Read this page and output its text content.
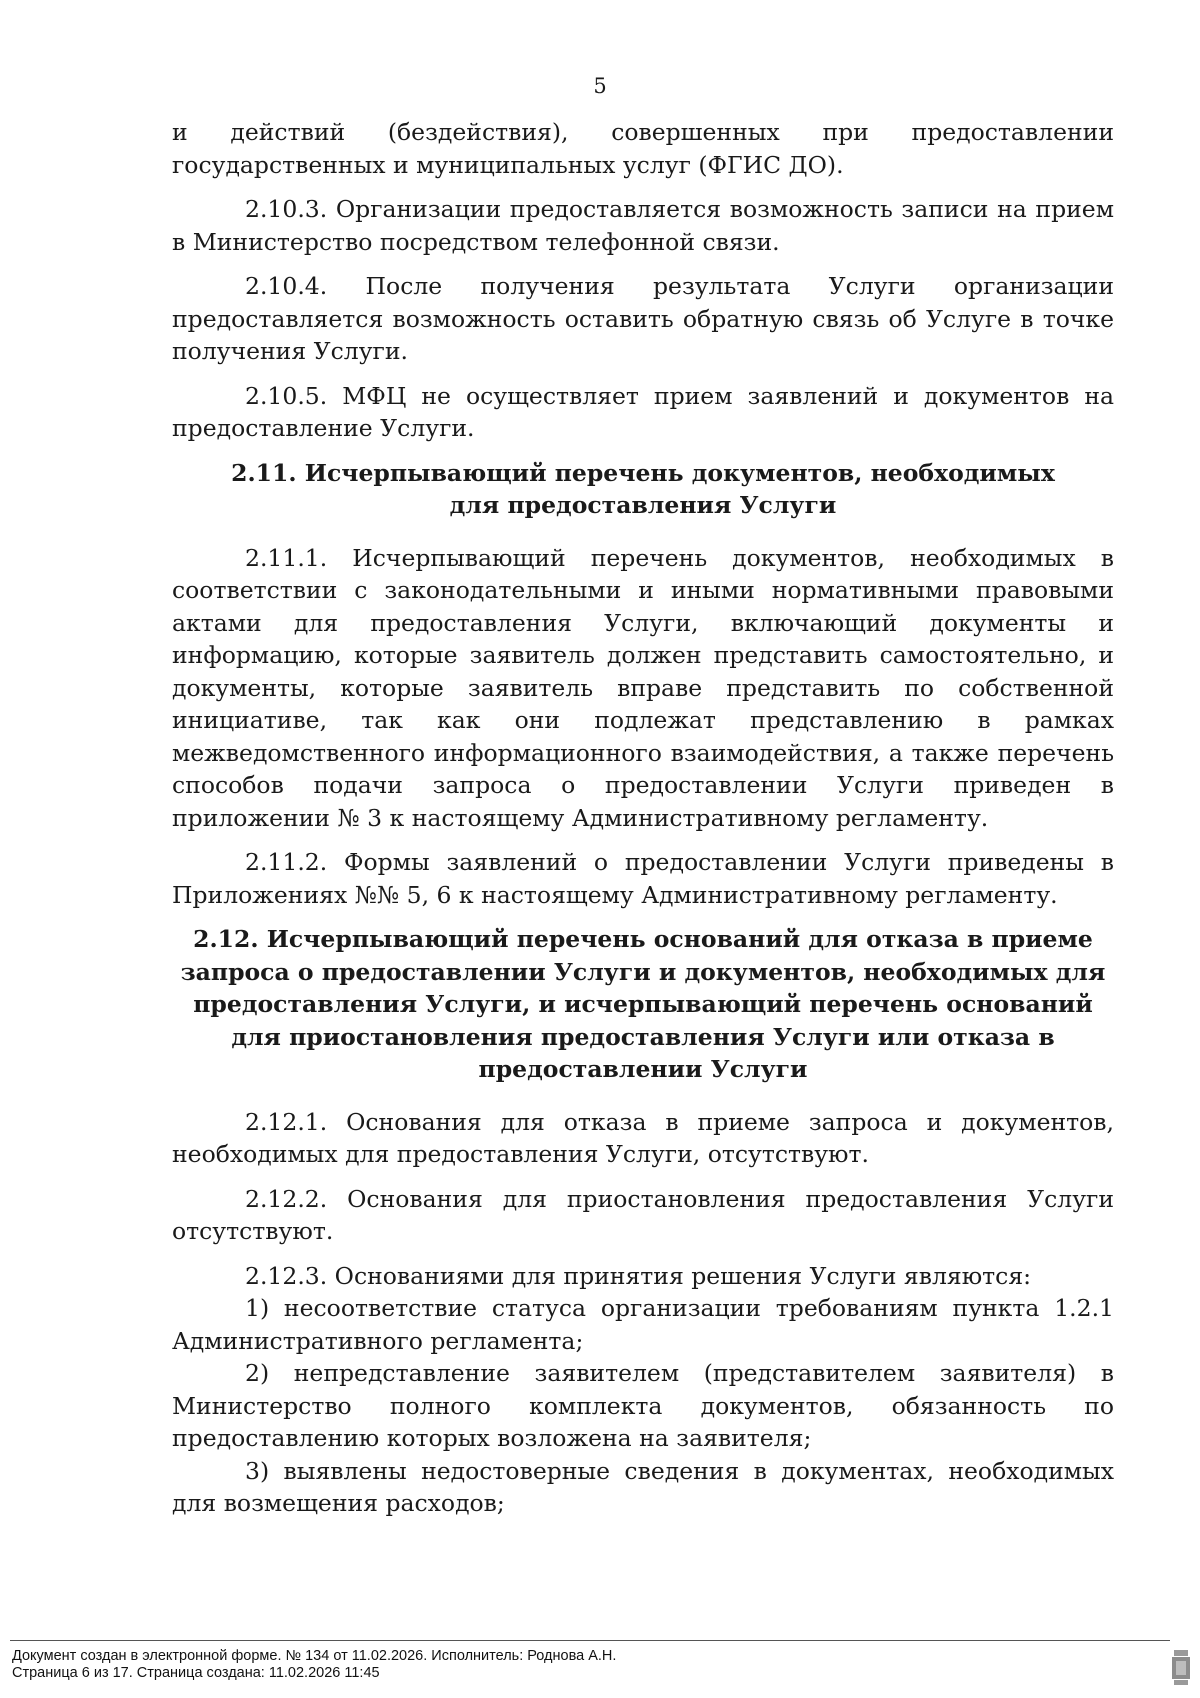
5

и действий (бездействия), совершенных при предоставлении государственных и муниципальных услуг (ФГИС ДО).

2.10.3. Организации предоставляется возможность записи на прием в Министерство посредством телефонной связи.

2.10.4. После получения результата Услуги организации предоставляется возможность оставить обратную связь об Услуге в точке получения Услуги.

2.10.5. МФЦ не осуществляет прием заявлений и документов на предоставление Услуги.

2.11. Исчерпывающий перечень документов, необходимых для предоставления Услуги

2.11.1. Исчерпывающий перечень документов, необходимых в соответствии с законодательными и иными нормативными правовыми актами для предоставления Услуги, включающий документы и информацию, которые заявитель должен представить самостоятельно, и документы, которые заявитель вправе представить по собственной инициативе, так как они подлежат представлению в рамках межведомственного информационного взаимодействия, а также перечень способов подачи запроса о предоставлении Услуги приведен в приложении № 3 к настоящему Административному регламенту.

2.11.2. Формы заявлений о предоставлении Услуги приведены в Приложениях №№ 5, 6 к настоящему Административному регламенту.

2.12. Исчерпывающий перечень оснований для отказа в приеме запроса о предоставлении Услуги и документов, необходимых для предоставления Услуги, и исчерпывающий перечень оснований для приостановления предоставления Услуги или отказа в предоставлении Услуги

2.12.1. Основания для отказа в приеме запроса и документов, необходимых для предоставления Услуги, отсутствуют.

2.12.2. Основания для приостановления предоставления Услуги отсутствуют.

2.12.3. Основаниями для принятия решения Услуги являются:

1) несоответствие статуса организации требованиям пункта 1.2.1 Административного регламента;

2) непредставление заявителем (представителем заявителя) в Министерство полного комплекта документов, обязанность по предоставлению которых возложена на заявителя;

3) выявлены недостоверные сведения в документах, необходимых для возмещения расходов;

Документ создан в электронной форме. № 134 от 11.02.2026. Исполнитель: Роднова А.Н.
Страница 6 из 17. Страница создана: 11.02.2026 11:45
